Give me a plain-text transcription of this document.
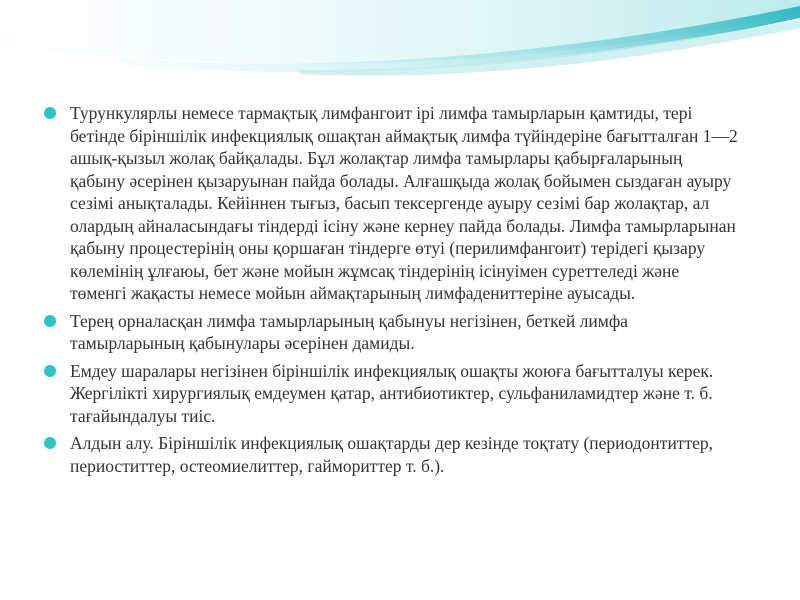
Турункулярлы немесе тармақтық лимфангоит ірі лимфа тамырларын қамтиды, тері бетінде біріншілік инфекциялық ошақтан аймақтық лимфа түйіндеріне бағытталған 1—2 ашық-қызыл жолақ байқалады. Бұл жолақтар лимфа тамырлары қабырғаларының қабыну әсерінен қызаруынан пайда болады. Алғашқыда жолақ бойымен сыздаған ауыру сезімі анықталады. Кейіннен тығыз, басып тексергенде ауыру сезімі бар жолақтар, ал олардың айналасындағы тіндерді ісіну және кернеу пайда болады. Лимфа тамырларынан қабыну процестерінің оны қоршаған тіндерге өтуі (перилимфангоит) терідегі қызару көлемінің ұлғаюы, бет және мойын жұмсақ тіндерінің ісінуімен суреттеледі және төменгі жақасты немесе мойын аймақтарының лимфадениттеріне ауысады.
Терең орналасқан лимфа тамырларының қабынуы негізінен, беткей лимфа тамырларының қабынулары әсерінен дамиды.
Емдеу шаралары негізінен біріншілік инфекциялық ошақты жоюға бағытталуы керек. Жергілікті хирургиялық емдеумен қатар, антибиотиктер, сульфаниламидтер және т. б. тағайындалуы тиіс.
Алдын алу. Біріншілік инфекциялық ошақтарды дер кезінде тоқтату (периодонтиттер, периоститтер, остеомиелиттер, гаймориттер т. б.).
